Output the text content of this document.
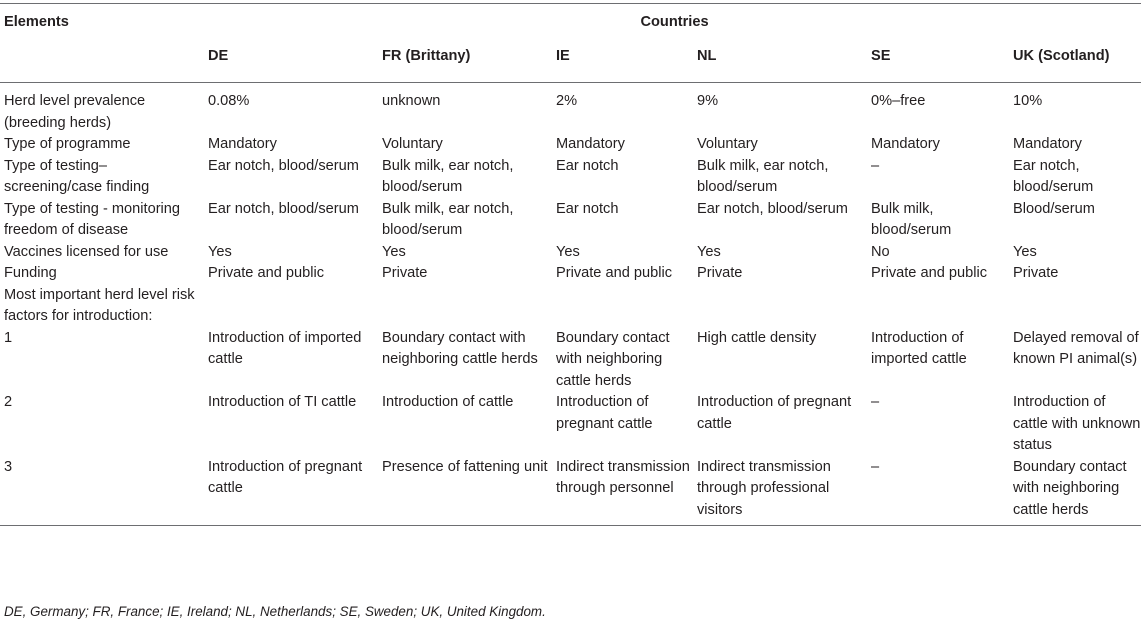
Elements	Countries					
	DE	FR (Brittany)	IE	NL	SE	UK (Scotland)
Herd level prevalence (breeding herds)	0.08%	unknown	2%	9%	0%–free	10%
Type of programme	Mandatory	Voluntary	Mandatory	Voluntary	Mandatory	Mandatory
Type of testing–screening/case finding	Ear notch, blood/serum	Bulk milk, ear notch, blood/serum	Ear notch	Bulk milk, ear notch, blood/serum	–	Ear notch, blood/serum
Type of testing - monitoring freedom of disease	Ear notch, blood/serum	Bulk milk, ear notch, blood/serum	Ear notch	Ear notch, blood/serum	Bulk milk, blood/serum	Blood/serum
Vaccines licensed for use	Yes	Yes	Yes	Yes	No	Yes
Funding	Private and public	Private	Private and public	Private	Private and public	Private
Most important herd level risk factors for introduction:						
1	Introduction of imported cattle	Boundary contact with neighboring cattle herds	Boundary contact with neighboring cattle herds	High cattle density	Introduction of imported cattle	Delayed removal of known PI animal(s)
2	Introduction of TI cattle	Introduction of cattle	Introduction of pregnant cattle	Introduction of pregnant cattle	–	Introduction of cattle with unknown status
3	Introduction of pregnant cattle	Presence of fattening unit	Indirect transmission through personnel	Indirect transmission through professional visitors	–	Boundary contact with neighboring cattle herds
DE, Germany; FR, France; IE, Ireland; NL, Netherlands; SE, Sweden; UK, United Kingdom.
